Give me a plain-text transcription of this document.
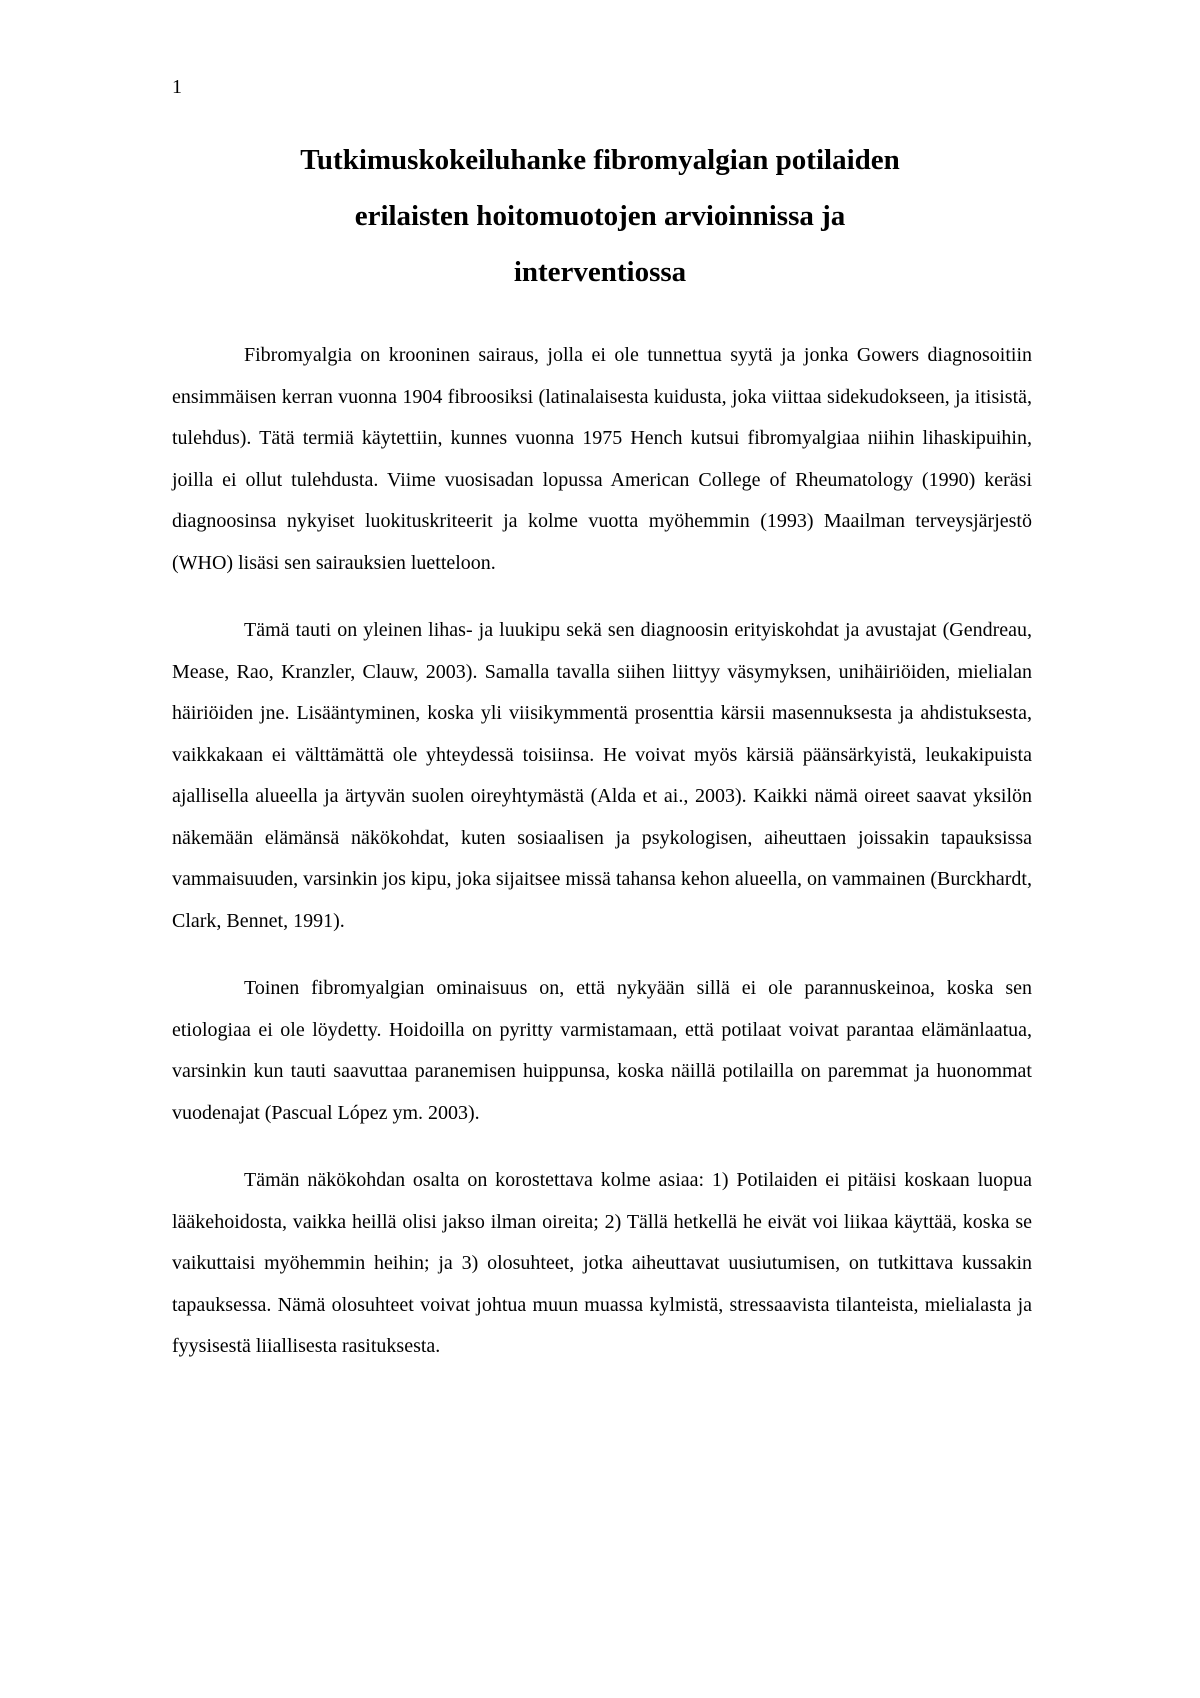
1
Tutkimuskokeiluhanke fibromyalgian potilaiden
erilaisten hoitomuotojen arvioinnissa ja
interventiossa

Fibromyalgia on krooninen sairaus, jolla ei ole tunnettua syytä ja jonka Gowers diagnosoitiin ensimmäisen kerran vuonna 1904 fibroosiksi (latinalaisesta kuidusta, joka viittaa sidekudokseen, ja itisistä, tulehdus). Tätä termiä käytettiin, kunnes vuonna 1975 Hench kutsui fibromyalgiaa niihin lihaskipuihin, joilla ei ollut tulehdusta. Viime vuosisadan lopussa American College of Rheumatology (1990) keräsi diagnoosinsa nykyiset luokituskriteerit ja kolme vuotta myöhemmin (1993) Maailman terveysjärjestö (WHO) lisäsi sen sairauksien luetteloon.

Tämä tauti on yleinen lihas- ja luukipu sekä sen diagnoosin erityiskohdat ja avustajat (Gendreau, Mease, Rao, Kranzler, Clauw, 2003). Samalla tavalla siihen liittyy väsymyksen, unihäiriöiden, mielialan häiriöiden jne. Lisääntyminen, koska yli viisikymmentä prosenttia kärsii masennuksesta ja ahdistuksesta, vaikkakaan ei välttämättä ole yhteydessä toisiinsa. He voivat myös kärsiä päänsärkyistä, leukakipuista ajallisella alueella ja ärtyvän suolen oireyhtymästä (Alda et ai., 2003). Kaikki nämä oireet saavat yksilön näkemään elämänsä näkökohdat, kuten sosiaalisen ja psykologisen, aiheuttaen joissakin tapauksissa vammaisuuden, varsinkin jos kipu, joka sijaitsee missä tahansa kehon alueella, on vammainen (Burckhardt, Clark, Bennet, 1991).

Toinen fibromyalgian ominaisuus on, että nykyään sillä ei ole parannuskeinoa, koska sen etiologiaa ei ole löydetty. Hoidoilla on pyritty varmistamaan, että potilaat voivat parantaa elämänlaatua, varsinkin kun tauti saavuttaa paranemisen huippunsa, koska näillä potilailla on paremmat ja huonommat vuodenajat (Pascual López ym. 2003).

Tämän näkökohdan osalta on korostettava kolme asiaa: 1) Potilaiden ei pitäisi koskaan luopua lääkehoidosta, vaikka heillä olisi jakso ilman oireita; 2) Tällä hetkellä he eivät voi liikaa käyttää, koska se vaikuttaisi myöhemmin heihin; ja 3) olosuhteet, jotka aiheuttavat uusiutumisen, on tutkittava kussakin tapauksessa. Nämä olosuhteet voivat johtua muun muassa kylmistä, stressaavista tilanteista, mielialasta ja fyysisestä liiallisesta rasituksesta.
